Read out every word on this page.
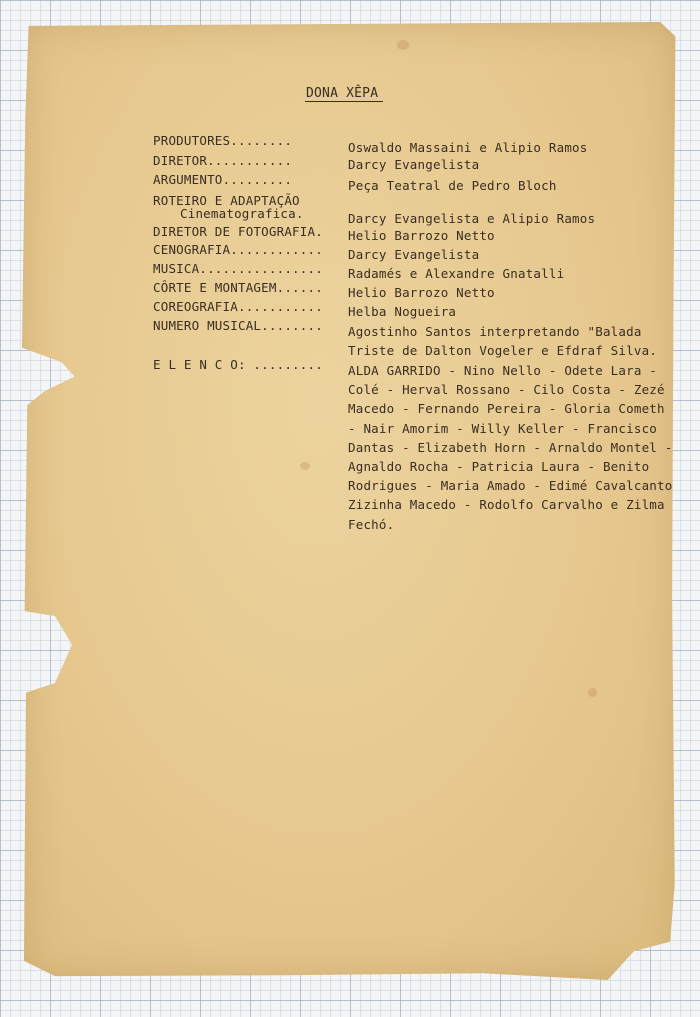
DONA XÊPA
PRODUTORES........	Oswaldo Massaini e Alipio Ramos
DIRETOR...........	Darcy Evangelista
ARGUMENTO.........	Peça Teatral de Pedro Bloch
ROTEIRO E ADAPTAÇÃO
Cinematografica.	Darcy Evangelista e Alipio Ramos
DIRETOR DE FOTOGRAFIA. Helio Barrozo Netto
CENOGRAFIA............ Darcy Evangelista
MUSICA................ Radamés e Alexandre Gnatalli
CÔRTE E MONTAGEM...... Helio Barrozo Netto
COREOGRAFIA........... Helba Nogueira
NUMERO MUSICAL........ Agostinho Santos interpretando "Balada
Triste de Dalton Vogeler e Efdraf Silva.
E L E N C O: ......... ALDA GARRIDO - Nino Nello - Odete Lara - Colé - Herval Rossano - Cilo Costa - Zezé Macedo - Fernando Pereira - Gloria Cometh - Nair Amorim - Willy Keller - Francisco Dantas - Elizabeth Horn - Arnaldo Montel - Agnaldo Rocha - Patricia Laura - Benito Rodrigues - Maria Amado - Edimé Cavalcanto Zizinha Macedo - Rodolfo Carvalho e Zilma Fechó.
